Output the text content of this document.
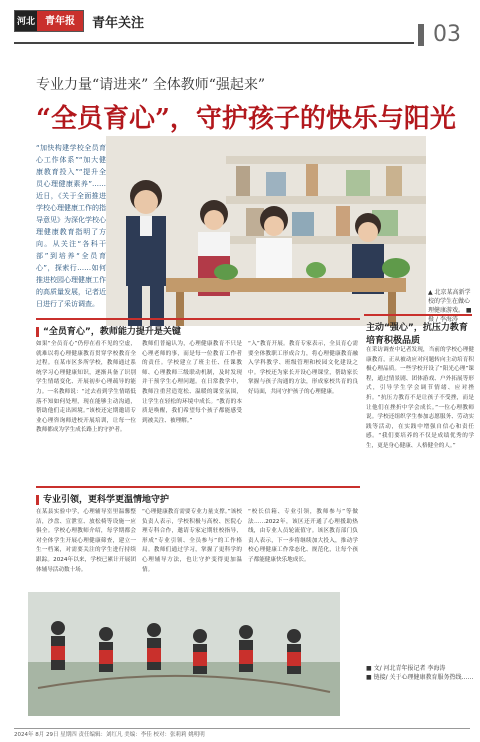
河北	青年报	青年关注	03
专业力量“请进来” 全体教师“强起来”
“全员育心”，守护孩子的快乐与阳光
“加快构建学校全员育心工作体系”“加大健康教育投入”“提升全员心理健康素养”……近日，《关于全面推进学校心理健康工作的指导意见》为深化学校心理健康教育指明了方向。从关注“各科干部”到培养“全员育心”，探索行……如何推进校园心理健康工作的高质量发展，记者近日进行了采访调查。
▲ 北京某高新学校的学生在做心理健康游戏。 ■ 摄 / 李海涛
“全员育心”，教师能力提升是关键
如果“全员育心”仍停在看不见的空虚，就难以将心理健康教育贯穿学校教育全过程。在某市区多所学校，教师通过系统学习心理健康知识，逐渐具备了识别学生情绪变化、开展初步心理疏导的能力。一名教师说：“过去看到学生情绪低落不知如何处理，现在能够主动沟通，帮助他们走出困境。”该校还定期邀请专业心理咨询师进校开展培训，让每一位教师都成为学生成长路上的守护者。
教师们普遍认为，心理健康教育不只是心理老师的事，而是每一位教育工作者的责任。学校建立了班主任、任课教师、心理教师三级联动机制，及时发现并干预学生心理问题。在日常教学中，教师注重营造宽松、温暖的课堂氛围，让学生在轻松的环境中成长。“教育的本质是唤醒，我们希望每个孩子都能感受到被关注、被理解。”
“入”教育开展。教育专家表示，全员育心需要全体教职工形成合力，将心理健康教育融入学科教学、班级管理和校园文化建设之中。学校还为家长开设心理课堂，帮助家长掌握与孩子沟通的方法，形成家校共育的良好局面，共同守护孩子的心理健康。
专业引领，更科学更温情地守护
在某县实验中学，心理辅导室里温馨整洁，沙盘、宣泄室、放松椅等设施一应俱全。学校心理教师介绍，每学期都会对全体学生开展心理健康筛查，建立一生一档案，对需要关注的学生进行持续跟踪。2024年以来，学校已累计开展团体辅导活动数十场。
“心理健康教育需要专业力量支撑。”该校负责人表示，学校积极与高校、医院心理专科合作，邀请专家定期驻校指导，形成“专业引领、全员参与”的工作格局。教师们通过学习，掌握了更科学的心理辅导方法，也让守护变得更加温情。
“校长信箱、专业引领，教师参与”等做法……2022年，该区还开通了心理援助热线，由专业人员轮流值守。该区教育部门负责人表示，下一步将继续加大投入，推动学校心理健康工作常态化、规范化，让每个孩子都能健康快乐地成长。
主动“强心”，抗压力教育培育积极品质
在采访调查中记者发现，当前的学校心理健康教育，正从被动应对问题转向主动培育积极心理品质。一些学校开设了“阳光心理”课程，通过情景剧、团体游戏、户外拓展等形式，引导学生学会调节情绪、应对挫折。“抗压力教育不是让孩子不受挫，而是让他们在挫折中学会成长。”一位心理教师说。学校还组织学生参加志愿服务、劳动实践等活动，在实践中增强自信心和责任感。“我们要培养的不仅是成绩优秀的学生，更是身心健康、人格健全的人。”
■ 文/ 河北青年报记者 李海涛
■ 链接/ 关于心理健康教育服务热线……
2024年 8月 29日 星期四 责任编辑：刘红凡 美编：李佳 校对：张莉莉 姚明明
